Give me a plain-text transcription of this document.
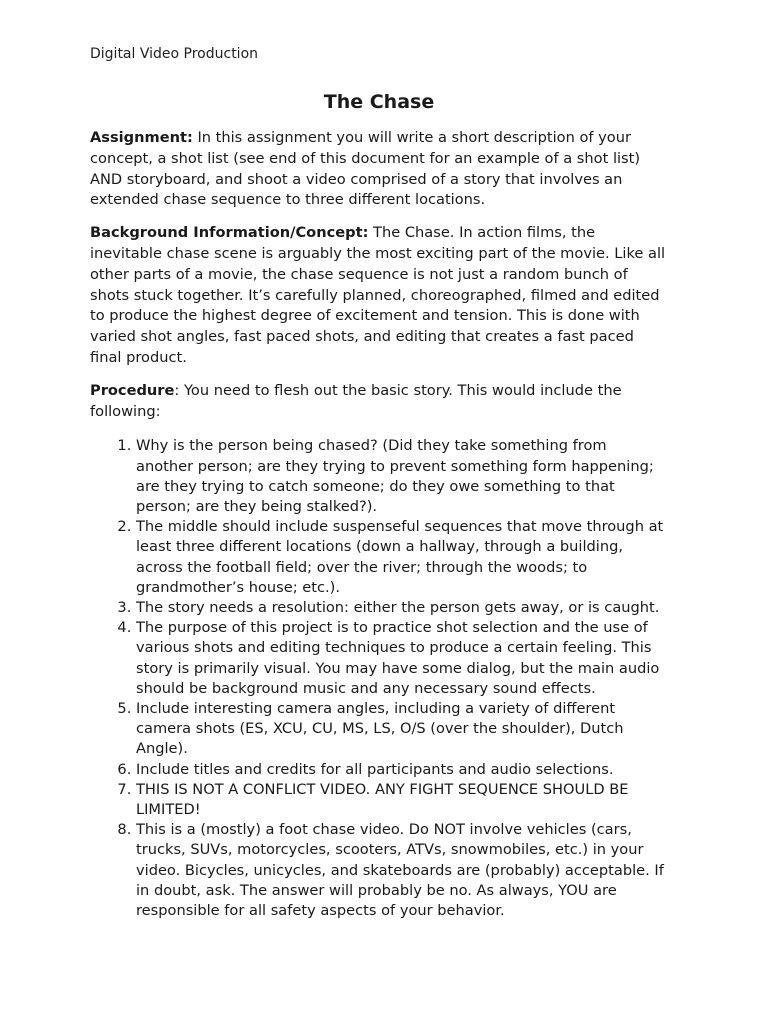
Digital Video Production

The Chase

Assignment: In this assignment you will write a short description of your concept, a shot list (see end of this document for an example of a shot list) AND storyboard, and shoot a video comprised of a story that involves an extended chase sequence to three different locations.

Background Information/Concept: The Chase. In action films, the inevitable chase scene is arguably the most exciting part of the movie. Like all other parts of a movie, the chase sequence is not just a random bunch of shots stuck together. It’s carefully planned, choreographed, filmed and edited to produce the highest degree of excitement and tension. This is done with varied shot angles, fast paced shots, and editing that creates a fast paced final product.

Procedure: You need to flesh out the basic story. This would include the following:

1. Why is the person being chased? (Did they take something from another person; are they trying to prevent something form happening; are they trying to catch someone; do they owe something to that person; are they being stalked?).
2. The middle should include suspenseful sequences that move through at least three different locations (down a hallway, through a building, across the football field; over the river; through the woods; to grandmother’s house; etc.).
3. The story needs a resolution: either the person gets away, or is caught.
4. The purpose of this project is to practice shot selection and the use of various shots and editing techniques to produce a certain feeling. This story is primarily visual. You may have some dialog, but the main audio should be background music and any necessary sound effects.
5. Include interesting camera angles, including a variety of different camera shots (ES, XCU, CU, MS, LS, O/S (over the shoulder), Dutch Angle).
6. Include titles and credits for all participants and audio selections.
7. THIS IS NOT A CONFLICT VIDEO. ANY FIGHT SEQUENCE SHOULD BE LIMITED!
8. This is a (mostly) a foot chase video. Do NOT involve vehicles (cars, trucks, SUVs, motorcycles, scooters, ATVs, snowmobiles, etc.) in your video. Bicycles, unicycles, and skateboards are (probably) acceptable. If in doubt, ask. The answer will probably be no. As always, YOU are responsible for all safety aspects of your behavior.
